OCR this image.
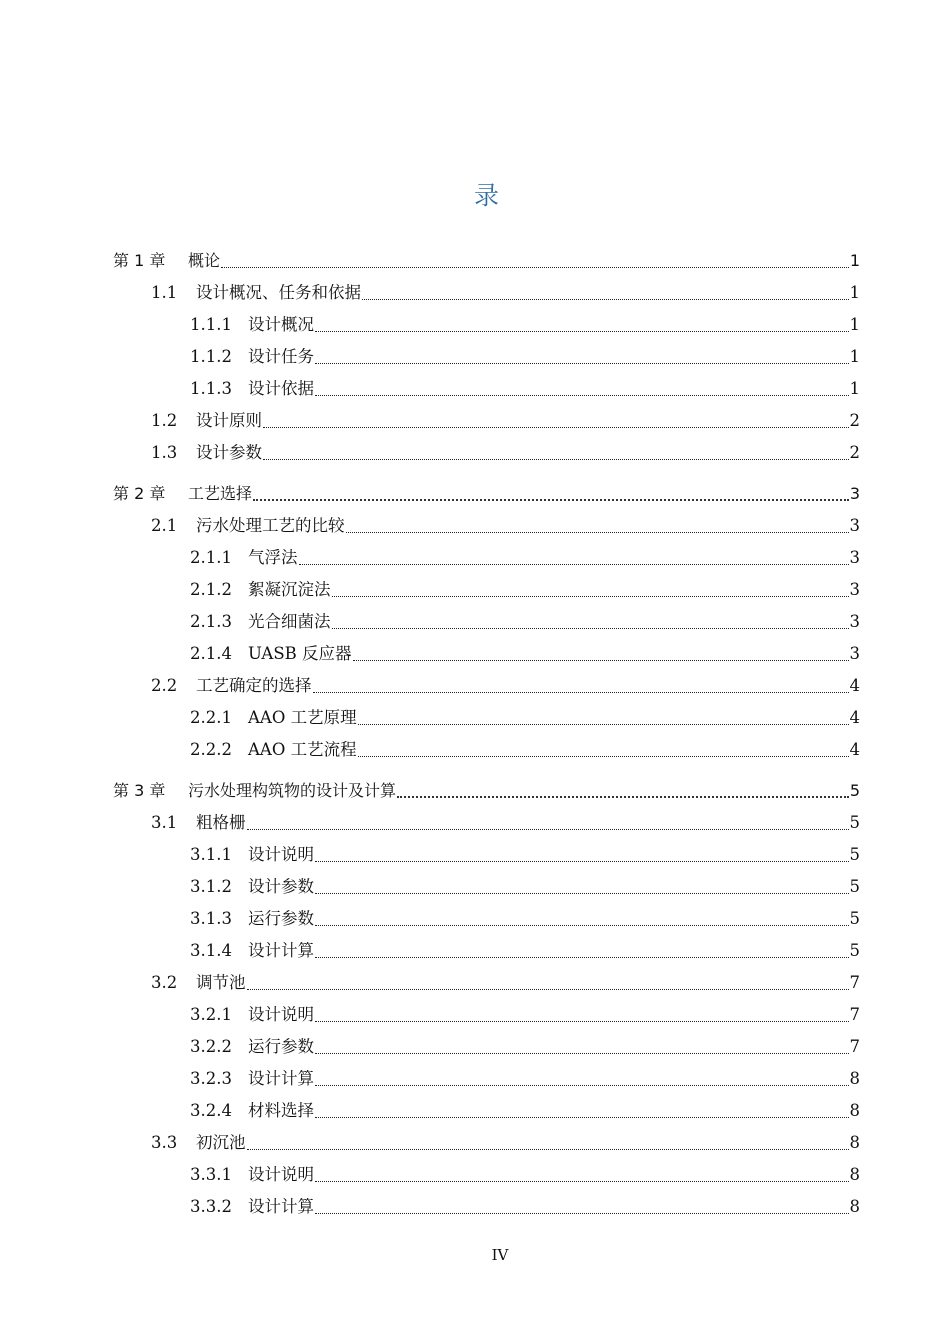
录
第 1 章	概论	1
1.1	设计概况、任务和依据	1
1.1.1 设计概况	1
1.1.2 设计任务	1
1.1.3 设计依据	1
1.2	设计原则	2
1.3	设计参数	2
第 2 章	工艺选择	3
2.1	污水处理工艺的比较	3
2.1.1 气浮法	3
2.1.2 絮凝沉淀法	3
2.1.3 光合细菌法	3
2.1.4 UASB 反应器	3
2.2	工艺确定的选择	4
2.2.1 AAO 工艺原理	4
2.2.2 AAO 工艺流程	4
第 3 章	污水处理构筑物的设计及计算	5
3.1	粗格栅	5
3.1.1 设计说明	5
3.1.2 设计参数	5
3.1.3 运行参数	5
3.1.4 设计计算	5
3.2	调节池	7
3.2.1 设计说明	7
3.2.2 运行参数	7
3.2.3 设计计算	8
3.2.4 材料选择	8
3.3	初沉池	8
3.3.1 设计说明	8
3.3.2 设计计算	8
IV
